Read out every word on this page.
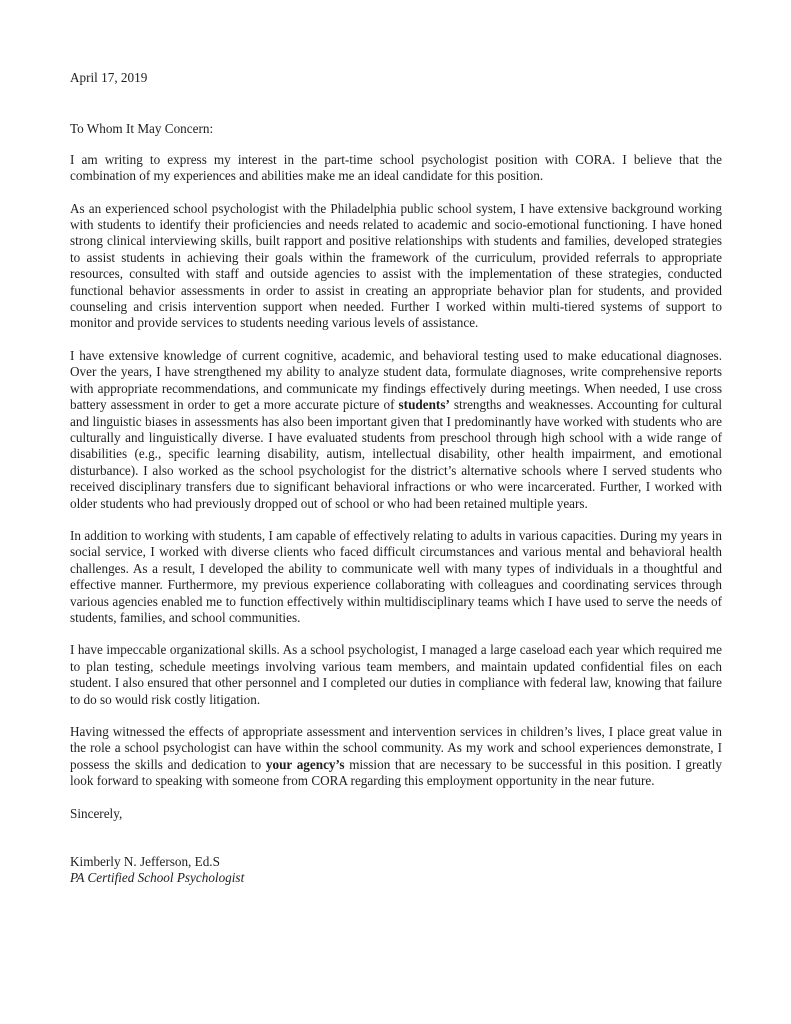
April 17, 2019
To Whom It May Concern:

I am writing to express my interest in the part-time school psychologist position with CORA. I believe that the combination of my experiences and abilities make me an ideal candidate for this position.

As an experienced school psychologist with the Philadelphia public school system, I have extensive background working with students to identify their proficiencies and needs related to academic and socio-emotional functioning. I have honed strong clinical interviewing skills, built rapport and positive relationships with students and families, developed strategies to assist students in achieving their goals within the framework of the curriculum, provided referrals to appropriate resources, consulted with staff and outside agencies to assist with the implementation of these strategies, conducted functional behavior assessments in order to assist in creating an appropriate behavior plan for students, and provided counseling and crisis intervention support when needed. Further I worked within multi-tiered systems of support to monitor and provide services to students needing various levels of assistance.

I have extensive knowledge of current cognitive, academic, and behavioral testing used to make educational diagnoses. Over the years, I have strengthened my ability to analyze student data, formulate diagnoses, write comprehensive reports with appropriate recommendations, and communicate my findings effectively during meetings. When needed, I use cross battery assessment in order to get a more accurate picture of students’ strengths and weaknesses. Accounting for cultural and linguistic biases in assessments has also been important given that I predominantly have worked with students who are culturally and linguistically diverse. I have evaluated students from preschool through high school with a wide range of disabilities (e.g., specific learning disability, autism, intellectual disability, other health impairment, and emotional disturbance). I also worked as the school psychologist for the district’s alternative schools where I served students who received disciplinary transfers due to significant behavioral infractions or who were incarcerated. Further, I worked with older students who had previously dropped out of school or who had been retained multiple years.

In addition to working with students, I am capable of effectively relating to adults in various capacities. During my years in social service, I worked with diverse clients who faced difficult circumstances and various mental and behavioral health challenges. As a result, I developed the ability to communicate well with many types of individuals in a thoughtful and effective manner. Furthermore, my previous experience collaborating with colleagues and coordinating services through various agencies enabled me to function effectively within multidisciplinary teams which I have used to serve the needs of students, families, and school communities.

I have impeccable organizational skills. As a school psychologist, I managed a large caseload each year which required me to plan testing, schedule meetings involving various team members, and maintain updated confidential files on each student. I also ensured that other personnel and I completed our duties in compliance with federal law, knowing that failure to do so would risk costly litigation.

Having witnessed the effects of appropriate assessment and intervention services in children’s lives, I place great value in the role a school psychologist can have within the school community. As my work and school experiences demonstrate, I possess the skills and dedication to your agency’s mission that are necessary to be successful in this position. I greatly look forward to speaking with someone from CORA regarding this employment opportunity in the near future.

Sincerely,
Kimberly N. Jefferson, Ed.S
PA Certified School Psychologist
